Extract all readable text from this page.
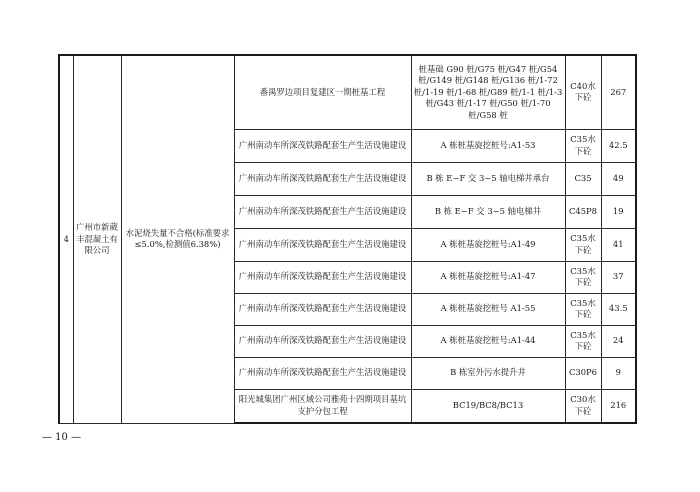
4	广州市新葳丰混凝土有限公司	水泥烧失量不合格(标准要求≤5.0%,检测值6.38%)	番禺罗边项目复建区一期桩基工程	桩基础 G90 桩/G75 桩/G47 桩/G54 桩/G149 桩/G148 桩/G136 桩/1-72 桩/1-19 桩/1-68 桩/G89 桩/1-1 桩/1-3 桩/G43 桩/1-17 桩/G50 桩/1-70 桩/G58 桩	C40水下砼	267
			广州南动车所深茂铁路配套生产生活设施建设	A 栋桩基旋挖桩号:A1-53	C35水下砼	42.5
			广州南动车所深茂铁路配套生产生活设施建设	B 栋 E~F 交 3~5 轴电梯井承台	C35	49
			广州南动车所深茂铁路配套生产生活设施建设	B 栋 E~F 交 3~5 轴电梯井	C45P8	19
			广州南动车所深茂铁路配套生产生活设施建设	A 栋桩基旋挖桩号:A1-49	C35水下砼	41
			广州南动车所深茂铁路配套生产生活设施建设	A 栋桩基旋挖桩号:A1-47	C35水下砼	37
			广州南动车所深茂铁路配套生产生活设施建设	A 栋桩基旋挖桩号 A1-55	C35水下砼	43.5
			广州南动车所深茂铁路配套生产生活设施建设	A 栋桩基旋挖桩号:A1-44	C35水下砼	24
			广州南动车所深茂铁路配套生产生活设施建设	B 栋室外污水提升井	C30P6	9
			阳光城集团广州区域公司雅苑十四期项目基坑支护分包工程	BC19/BC8/BC13	C30水下砼	216
— 10 —
